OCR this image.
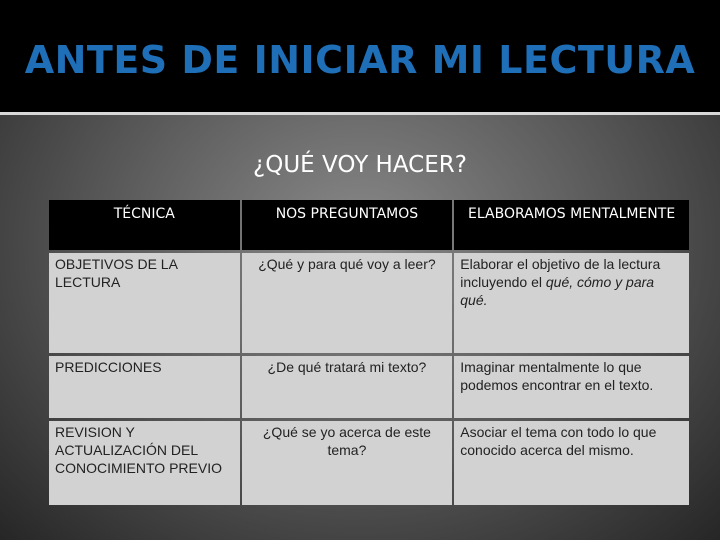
ANTES DE INICIAR MI LECTURA
¿QUÉ VOY HACER?
TÉCNICA	NOS PREGUNTAMOS	ELABORAMOS MENTALMENTE
OBJETIVOS DE LA LECTURA	¿Qué y para qué voy a leer?	Elaborar el objetivo de la lectura
incluyendo el qué, cómo y para qué.
PREDICCIONES	¿De qué tratará mi texto?	Imaginar mentalmente lo que podemos encontrar en el texto.
REVISION Y ACTUALIZACIÓN DEL CONOCIMIENTO PREVIO	¿Qué se yo acerca de este tema?	Asociar el tema con todo lo que
conocido acerca del mismo.
